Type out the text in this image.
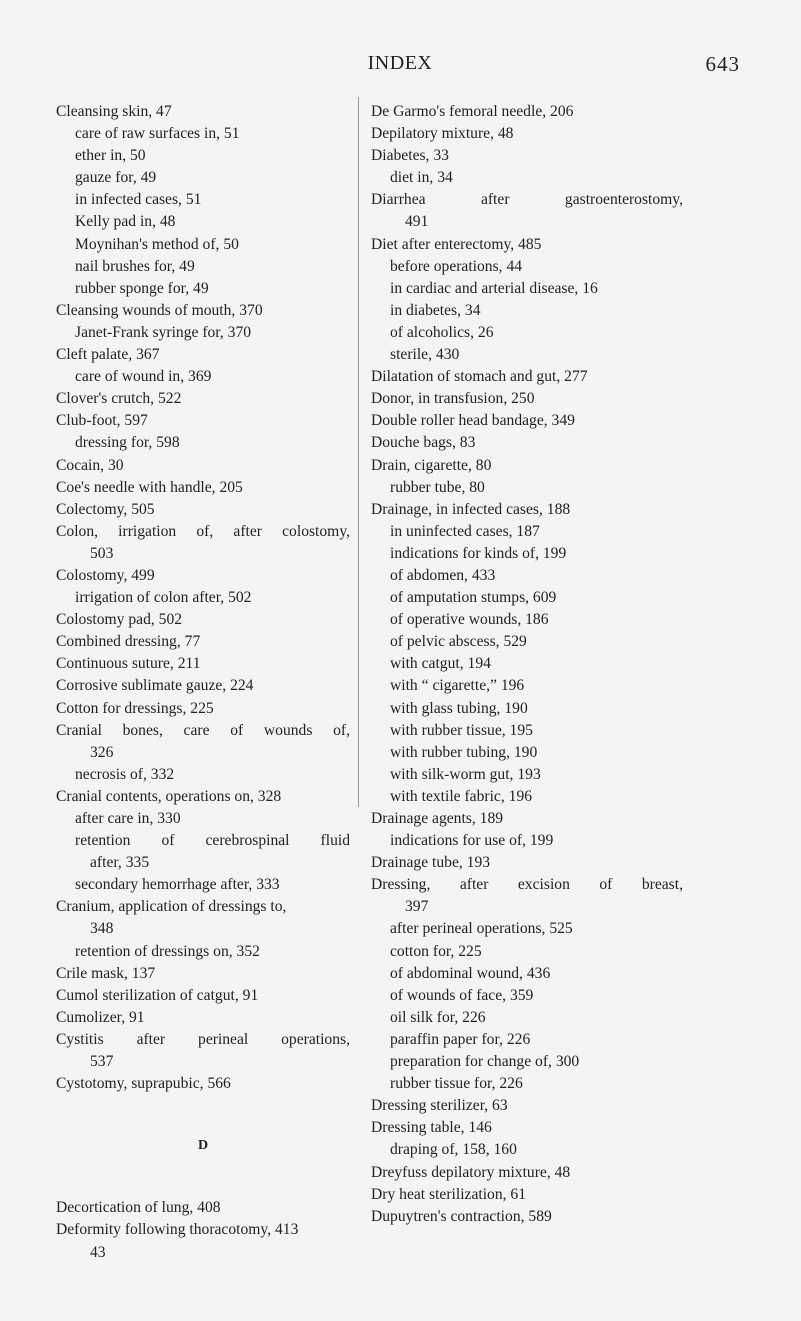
INDEX	643
Cleansing skin, 47
care of raw surfaces in, 51
ether in, 50
gauze for, 49
in infected cases, 51
Kelly pad in, 48
Moynihan's method of, 50
nail brushes for, 49
rubber sponge for, 49
Cleansing wounds of mouth, 370
Janet-Frank syringe for, 370
Cleft palate, 367
care of wound in, 369
Clover's crutch, 522
Club-foot, 597
dressing for, 598
Cocain, 30
Coe's needle with handle, 205
Colectomy, 505
Colon, irrigation of, after colostomy,
503
Colostomy, 499
irrigation of colon after, 502
Colostomy pad, 502
Combined dressing, 77
Continuous suture, 211
Corrosive sublimate gauze, 224
Cotton for dressings, 225
Cranial bones, care of wounds of,
326
necrosis of, 332
Cranial contents, operations on, 328
after care in, 330
retention of cerebrospinal fluid
after, 335
secondary hemorrhage after, 333
Cranium, application of dressings to,
348
retention of dressings on, 352
Crile mask, 137
Cumol sterilization of catgut, 91
Cumolizer, 91
Cystitis after perineal operations,
537
Cystotomy, suprapubic, 566
D
Decortication of lung, 408
Deformity following thoracotomy, 413
43
De Garmo's femoral needle, 206
Depilatory mixture, 48
Diabetes, 33
diet in, 34
Diarrhea after gastroenterostomy,
491
Diet after enterectomy, 485
before operations, 44
in cardiac and arterial disease, 16
in diabetes, 34
of alcoholics, 26
sterile, 430
Dilatation of stomach and gut, 277
Donor, in transfusion, 250
Double roller head bandage, 349
Douche bags, 83
Drain, cigarette, 80
rubber tube, 80
Drainage, in infected cases, 188
in uninfected cases, 187
indications for kinds of, 199
of abdomen, 433
of amputation stumps, 609
of operative wounds, 186
of pelvic abscess, 529
with catgut, 194
with “ cigarette,” 196
with glass tubing, 190
with rubber tissue, 195
with rubber tubing, 190
with silk-worm gut, 193
with textile fabric, 196
Drainage agents, 189
indications for use of, 199
Drainage tube, 193
Dressing, after excision of breast,
397
after perineal operations, 525
cotton for, 225
of abdominal wound, 436
of wounds of face, 359
oil silk for, 226
paraffin paper for, 226
preparation for change of, 300
rubber tissue for, 226
Dressing sterilizer, 63
Dressing table, 146
draping of, 158, 160
Dreyfuss depilatory mixture, 48
Dry heat sterilization, 61
Dupuytren's contraction, 589
